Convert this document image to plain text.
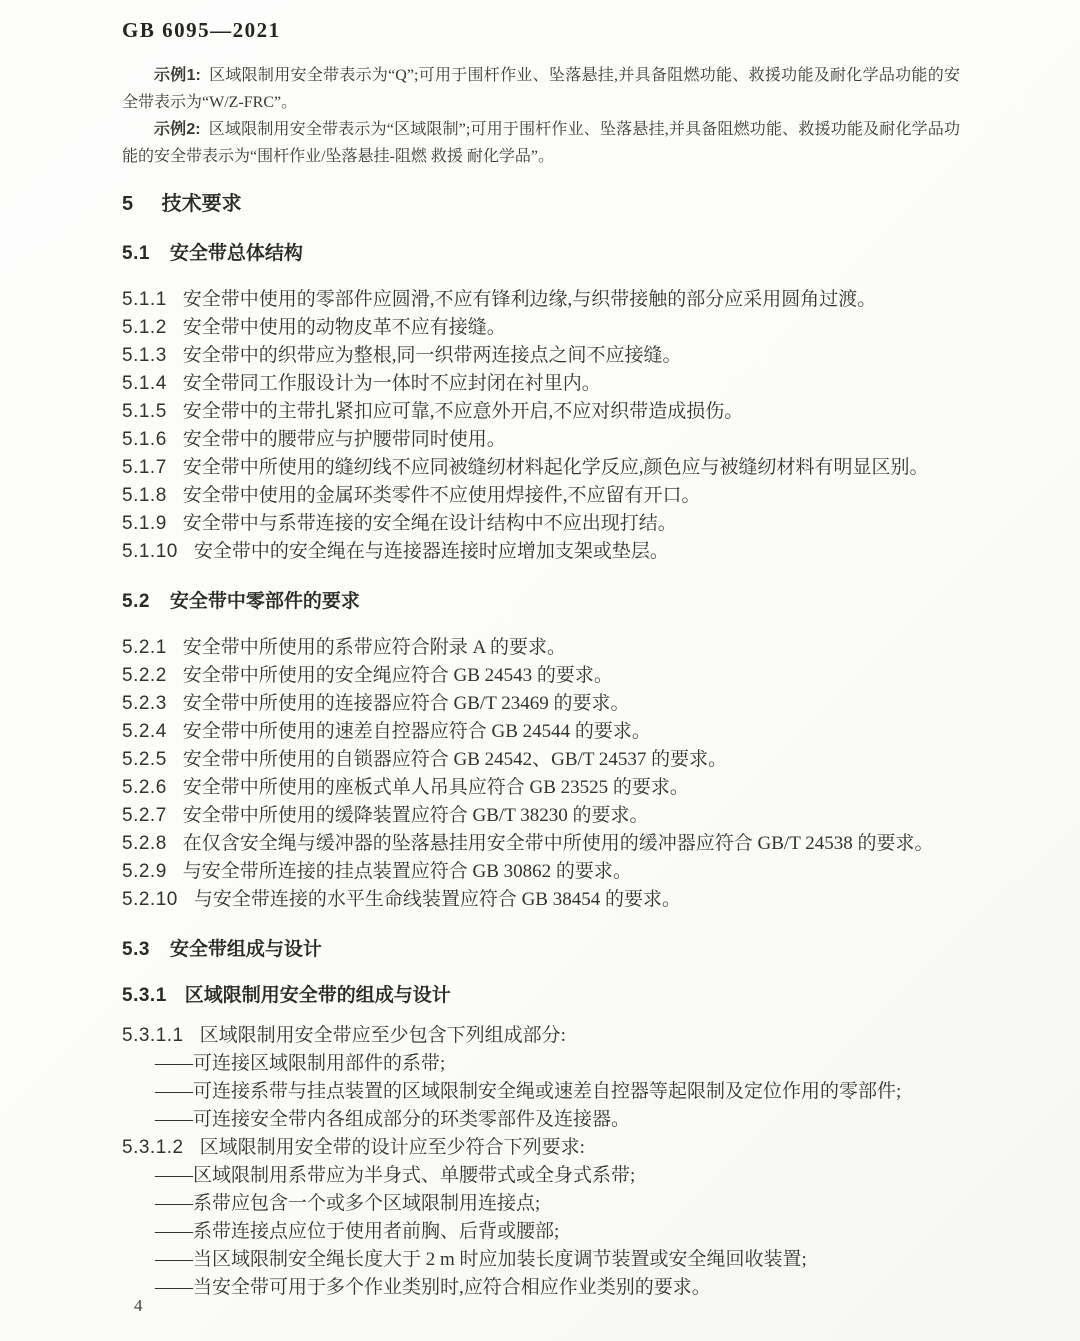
GB 6095—2021
示例1: 区域限制用安全带表示为“Q”;可用于围杆作业、坠落悬挂,并具备阻燃功能、救援功能及耐化学品功能的安全带表示为“W/Z-FRC”。
示例2: 区域限制用安全带表示为“区域限制”;可用于围杆作业、坠落悬挂,并具备阻燃功能、救援功能及耐化学品功能的安全带表示为“围杆作业/坠落悬挂-阻燃 救援 耐化学品”。
5 技术要求
5.1 安全带总体结构
5.1.1 安全带中使用的零部件应圆滑,不应有锋利边缘,与织带接触的部分应采用圆角过渡。
5.1.2 安全带中使用的动物皮革不应有接缝。
5.1.3 安全带中的织带应为整根,同一织带两连接点之间不应接缝。
5.1.4 安全带同工作服设计为一体时不应封闭在衬里内。
5.1.5 安全带中的主带扎紧扣应可靠,不应意外开启,不应对织带造成损伤。
5.1.6 安全带中的腰带应与护腰带同时使用。
5.1.7 安全带中所使用的缝纫线不应同被缝纫材料起化学反应,颜色应与被缝纫材料有明显区别。
5.1.8 安全带中使用的金属环类零件不应使用焊接件,不应留有开口。
5.1.9 安全带中与系带连接的安全绳在设计结构中不应出现打结。
5.1.10 安全带中的安全绳在与连接器连接时应增加支架或垫层。
5.2 安全带中零部件的要求
5.2.1 安全带中所使用的系带应符合附录 A 的要求。
5.2.2 安全带中所使用的安全绳应符合 GB 24543 的要求。
5.2.3 安全带中所使用的连接器应符合 GB/T 23469 的要求。
5.2.4 安全带中所使用的速差自控器应符合 GB 24544 的要求。
5.2.5 安全带中所使用的自锁器应符合 GB 24542、GB/T 24537 的要求。
5.2.6 安全带中所使用的座板式单人吊具应符合 GB 23525 的要求。
5.2.7 安全带中所使用的缓降装置应符合 GB/T 38230 的要求。
5.2.8 在仅含安全绳与缓冲器的坠落悬挂用安全带中所使用的缓冲器应符合 GB/T 24538 的要求。
5.2.9 与安全带所连接的挂点装置应符合 GB 30862 的要求。
5.2.10 与安全带连接的水平生命线装置应符合 GB 38454 的要求。
5.3 安全带组成与设计
5.3.1 区域限制用安全带的组成与设计
5.3.1.1 区域限制用安全带应至少包含下列组成部分:
——可连接区域限制用部件的系带;
——可连接系带与挂点装置的区域限制安全绳或速差自控器等起限制及定位作用的零部件;
——可连接安全带内各组成部分的环类零部件及连接器。
5.3.1.2 区域限制用安全带的设计应至少符合下列要求:
——区域限制用系带应为半身式、单腰带式或全身式系带;
——系带应包含一个或多个区域限制用连接点;
——系带连接点应位于使用者前胸、后背或腰部;
——当区域限制安全绳长度大于 2 m 时应加装长度调节装置或安全绳回收装置;
——当安全带可用于多个作业类别时,应符合相应作业类别的要求。
4
